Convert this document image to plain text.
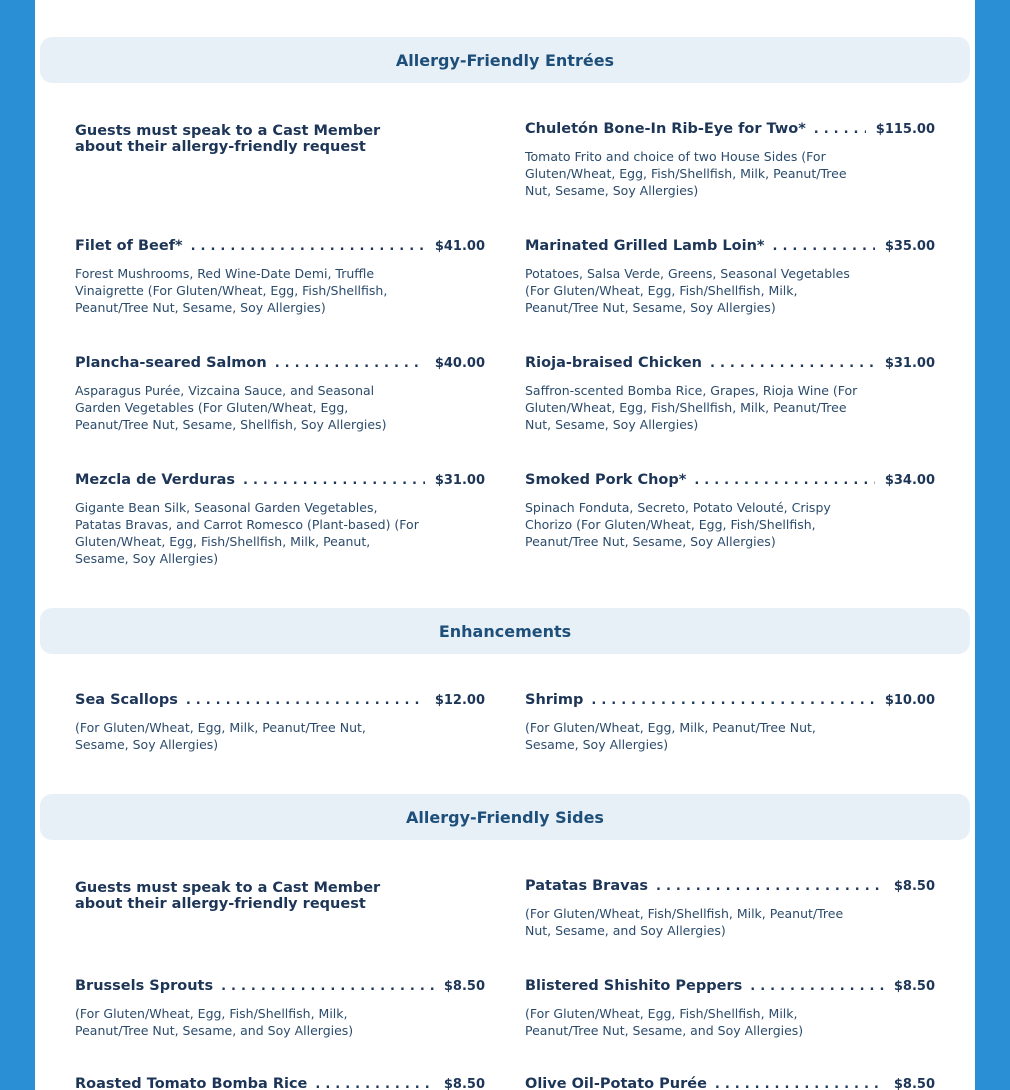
Allergy-Friendly Entrées
Guests must speak to a Cast Member about their allergy-friendly request
Chuletón Bone-In Rib-Eye for Two* .....	$115.00
Tomato Frito and choice of two House Sides (For Gluten/Wheat, Egg, Fish/Shellfish, Milk, Peanut/Tree Nut, Sesame, Soy Allergies)
Filet of Beef* .....	$41.00
Forest Mushrooms, Red Wine-Date Demi, Truffle Vinaigrette (For Gluten/Wheat, Egg, Fish/Shellfish, Peanut/Tree Nut, Sesame, Soy Allergies)
Marinated Grilled Lamb Loin* .....	$35.00
Potatoes, Salsa Verde, Greens, Seasonal Vegetables (For Gluten/Wheat, Egg, Fish/Shellfish, Milk, Peanut/Tree Nut, Sesame, Soy Allergies)
Plancha-seared Salmon .....	$40.00
Asparagus Purée, Vizcaina Sauce, and Seasonal Garden Vegetables (For Gluten/Wheat, Egg, Peanut/Tree Nut, Sesame, Shellfish, Soy Allergies)
Rioja-braised Chicken .....	$31.00
Saffron-scented Bomba Rice, Grapes, Rioja Wine (For Gluten/Wheat, Egg, Fish/Shellfish, Milk, Peanut/Tree Nut, Sesame, Soy Allergies)
Mezcla de Verduras .....	$31.00
Gigante Bean Silk, Seasonal Garden Vegetables, Patatas Bravas, and Carrot Romesco (Plant-based) (For Gluten/Wheat, Egg, Fish/Shellfish, Milk, Peanut, Sesame, Soy Allergies)
Smoked Pork Chop* .....	$34.00
Spinach Fonduta, Secreto, Potato Velouté, Crispy Chorizo (For Gluten/Wheat, Egg, Fish/Shellfish, Peanut/Tree Nut, Sesame, Soy Allergies)
Enhancements
Sea Scallops .....	$12.00
(For Gluten/Wheat, Egg, Milk, Peanut/Tree Nut, Sesame, Soy Allergies)
Shrimp .....	$10.00
(For Gluten/Wheat, Egg, Milk, Peanut/Tree Nut, Sesame, Soy Allergies)
Allergy-Friendly Sides
Guests must speak to a Cast Member about their allergy-friendly request
Patatas Bravas .....	$8.50
(For Gluten/Wheat, Fish/Shellfish, Milk, Peanut/Tree Nut, Sesame, and Soy Allergies)
Brussels Sprouts .....	$8.50
(For Gluten/Wheat, Egg, Fish/Shellfish, Milk, Peanut/Tree Nut, Sesame, and Soy Allergies)
Blistered Shishito Peppers .....	$8.50
(For Gluten/Wheat, Egg, Fish/Shellfish, Milk, Peanut/Tree Nut, Sesame, and Soy Allergies)
Roasted Tomato Bomba Rice .....	$8.50	Olive Oil-Potato Purée .....	$8.50
